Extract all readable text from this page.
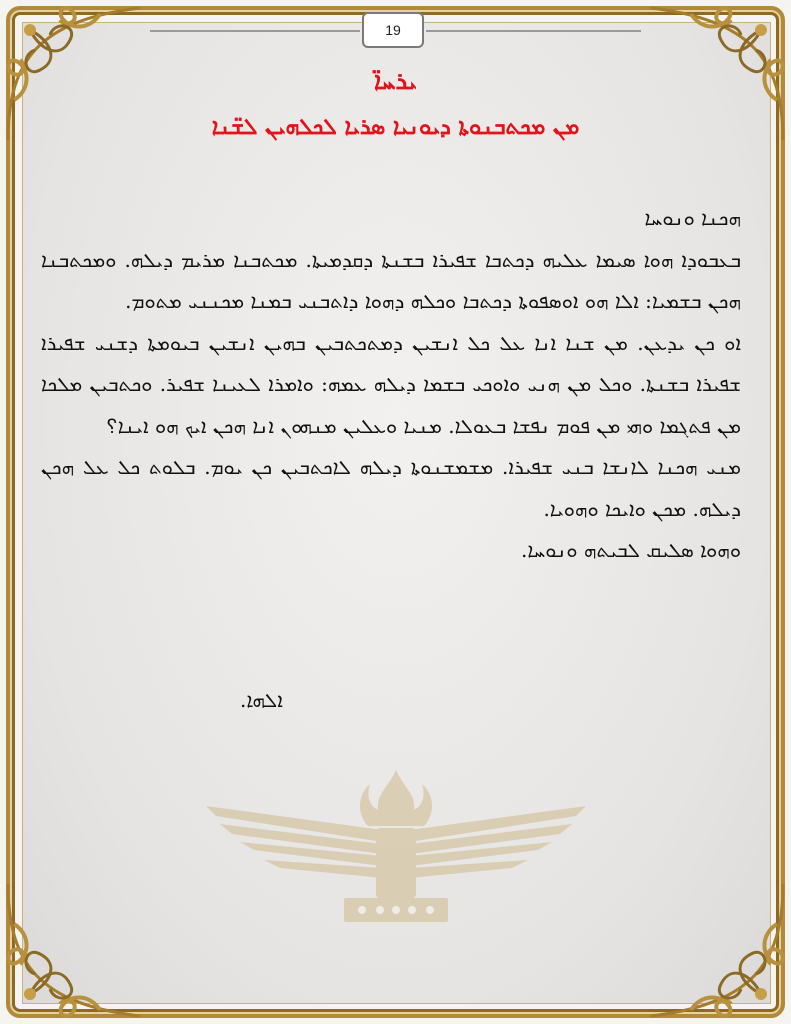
19
ܝܪܚܐ̈
ܡܢ ܡܟܬܒܢܘܬܐ ܕܝܘܢܝܐ ܣܪܝܐ ܠܟܠܗܝܢ ܠܫ̈ܢܐ

ܗܟܢܐ ܘܢܘܚܐ

ܒܥܒܘܕܐ ܗܘܐ ܣܝܡܐ ܥܠܝܗ ܕܟܬܒܐ ܫܦܝܪܐ ܒܫܢܬܐ ܕܩܕܡܝܬܐ. ܡܟܬܒܢܐ ܡܪܝܡ ܕܝܠܗ. ܘܡܟܬܒܢܐ ܗܟܢ ܒܫܡܝܐ: ܐܠܐ ܗܘ ܐܘܣܦܘܬܐ ܕܟܬܒܐ ܘܟܠܗ ܕܗܘܐ ܕܐܬܒܢܝ ܒܡܢܐ ܡܟܢܢܝ ܡܬܘܡ.

ܐܘ ܟܢ ܝܕܥܢ. ܡܢ ܫܢܐ ܐܢܐ ܥܠ ܟܠ ܐܢܫܝܢ ܕܡܬܟܬܒܝܢ ܒܗܝܢ ܐܢܫܝܢ ܒܝܘܡܬܐ ܕܫܢܝ ܫܦܝܪܐ ܫܦܝܪܐ ܒܫܢܬܐ. ܘܟܠ ܡܢ ܗܢܝ ܘܐܘܟܝ ܒܫܡܐ ܕܝܠܗ ܥܡܗ: ܘܐܡܪܐ ܠܥܝܢܐ ܫܦܝܪ. ܘܟܬܒܝܢ ܡܠܟܐ ܡܢ ܦܬܓܡܐ ܘܗܝ ܡܢ ܦܘܡ ܢܦܫܐ ܒܥܘܠܐ. ܡܢܝܐ ܘܥܠܝܢ ܡܢܗܘܢ ܐܢܐ ܗܟܢ ܐܝܟ ܗܘ ܐܝܢܐ؟

ܡܢܝ ܗܟܢܐ ܠܐܢܫܐ ܒܢܝ ܫܦܝܪܐ. ܡܫܡܫܢܘܬܐ ܕܝܠܗ ܠܐܟܬܒܝܢ ܟܢ ܝܘܡ. ܒܠܘܬ ܟܠ ܥܠ ܗܟܢ ܕܝܠܗ. ܡܟܢ ܘܐܝܟܐ ܘܗܘܝܐ.

ܘܗܘܐ ܣܠܝܩ ܠܒܝܬܗ ܘܢܘܚܐ.

ܐܠܗܐ.
